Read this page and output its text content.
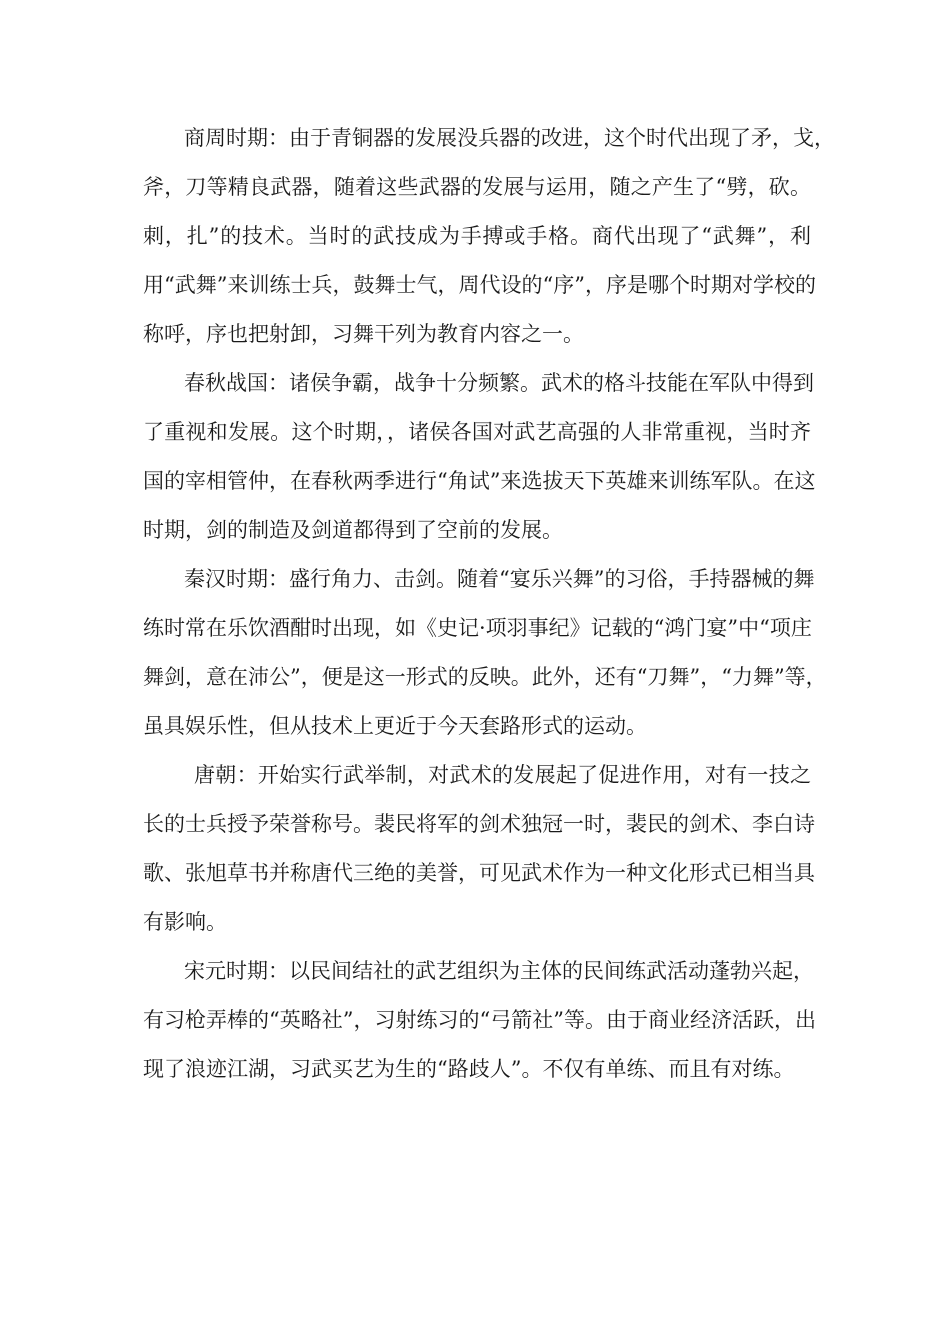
商周时期：由于青铜器的发展没兵器的改进，这个时代出现了矛，戈，
斧，刀等精良武器，随着这些武器的发展与运用，随之产生了“劈，砍。
刺，扎”的技术。当时的武技成为手搏或手格。商代出现了“武舞”，利
用“武舞”来训练士兵，鼓舞士气，周代设的“序”，序是哪个时期对学校的
称呼，序也把射卸，习舞干列为教育内容之一。
春秋战国：诸侯争霸，战争十分频繁。武术的格斗技能在军队中得到
了重视和发展。这个时期，，诸侯各国对武艺高强的人非常重视，当时齐
国的宰相管仲，在春秋两季进行“角试”来选拔天下英雄来训练军队。在这
时期，剑的制造及剑道都得到了空前的发展。
秦汉时期：盛行角力、击剑。随着“宴乐兴舞”的习俗，手持器械的舞
练时常在乐饮酒酣时出现，如《史记·项羽事纪》记载的“鸿门宴”中“项庄
舞剑，意在沛公”，便是这一形式的反映。此外，还有“刀舞”，“力舞”等，
虽具娱乐性，但从技术上更近于今天套路形式的运动。
唐朝：开始实行武举制，对武术的发展起了促进作用，对有一技之
长的士兵授予荣誉称号。裴民将军的剑术独冠一时，裴民的剑术、李白诗
歌、张旭草书并称唐代三绝的美誉，可见武术作为一种文化形式已相当具
有影响。
宋元时期：以民间结社的武艺组织为主体的民间练武活动蓬勃兴起，
有习枪弄棒的“英略社”，习射练习的“弓箭社”等。由于商业经济活跃，出
现了浪迹江湖，习武买艺为生的“路歧人”。不仅有单练、而且有对练。
